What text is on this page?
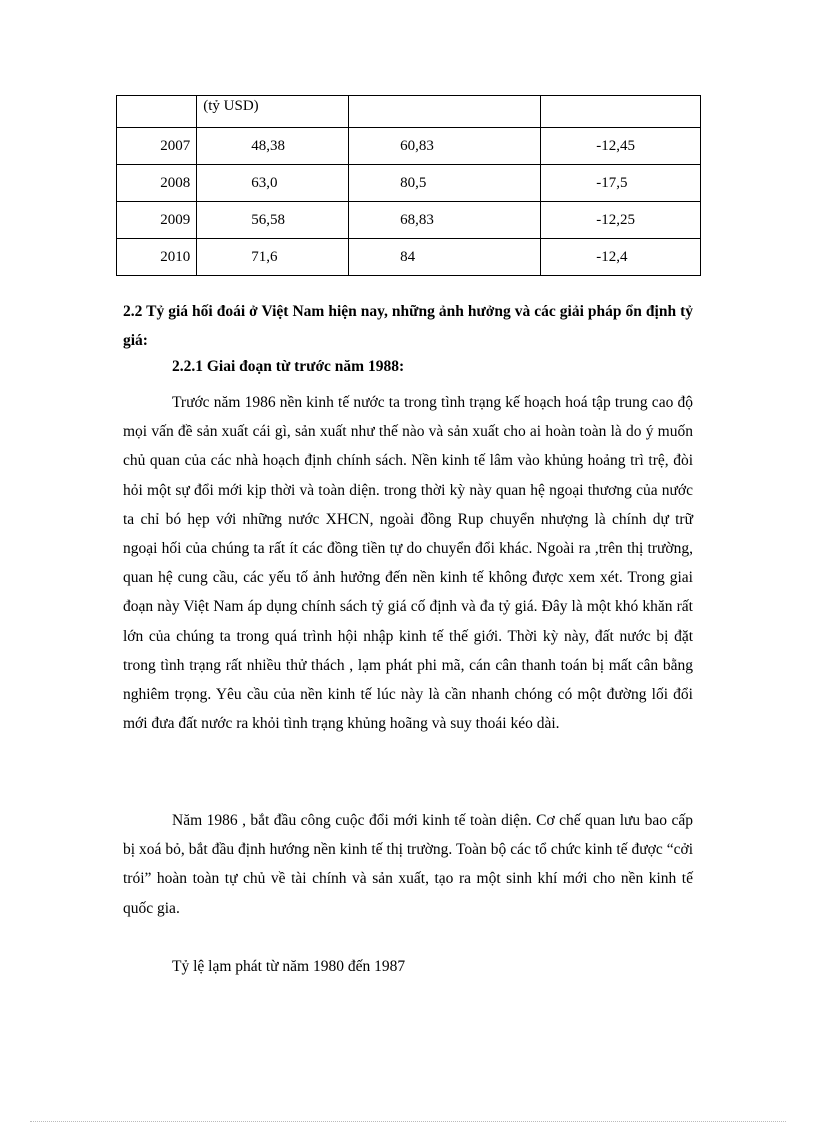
	(tỷ USD)		
2007	48,38	60,83	-12,45
2008	63,0	80,5	-17,5
2009	56,58	68,83	-12,25
2010	71,6	84	-12,4
2.2 Tỷ giá hối đoái ở Việt Nam hiện nay, những ảnh hưởng và các giải pháp ổn định tỷ giá:
2.2.1 Giai đoạn từ trước năm 1988:

Trước năm 1986 nền kinh tế nước ta trong tình trạng kế hoạch hoá tập trung cao độ mọi vấn đề sản xuất cái gì, sản xuất như thế nào và sản xuất cho ai hoàn toàn là do ý muốn chủ quan của các nhà hoạch định chính sách. Nền kinh tế lâm vào khủng hoảng trì trệ, đòi hỏi một sự đổi mới kịp thời và toàn diện. trong thời kỳ này quan hệ ngoại thương của nước ta chỉ bó hẹp với những nước XHCN, ngoài đồng Rup chuyển nhượng là chính dự trữ ngoại hối của chúng ta rất ít các đồng tiền tự do chuyển đổi khác. Ngoài ra ,trên thị trường, quan hệ cung cầu, các yếu tố ảnh hưởng đến nền kinh tế không được xem xét. Trong giai đoạn này Việt Nam áp dụng chính sách tỷ giá cố định và đa tỷ giá. Đây là một khó khăn rất lớn của chúng ta trong quá trình hội nhập kinh tế thế giới. Thời kỳ này, đất nước bị đặt trong tình trạng rất nhiều thử thách , lạm phát phi mã, cán cân thanh toán bị mất cân bằng nghiêm trọng. Yêu cầu của nền kinh tế lúc này là cần nhanh chóng có một đường lối đổi mới đưa đất nước ra khỏi tình trạng khủng hoãng và suy thoái kéo dài.

Năm 1986 , bắt đầu công cuộc đổi mới kinh tế toàn diện. Cơ chế quan lưu bao cấp bị xoá bỏ, bắt đầu định hướng nền kinh tế thị trường. Toàn bộ các tổ chức kinh tế được “cởi trói” hoàn toàn tự chủ về tài chính và sản xuất, tạo ra một sinh khí mới cho nền kinh tế quốc gia.

Tỷ lệ lạm phát từ năm 1980 đến 1987
